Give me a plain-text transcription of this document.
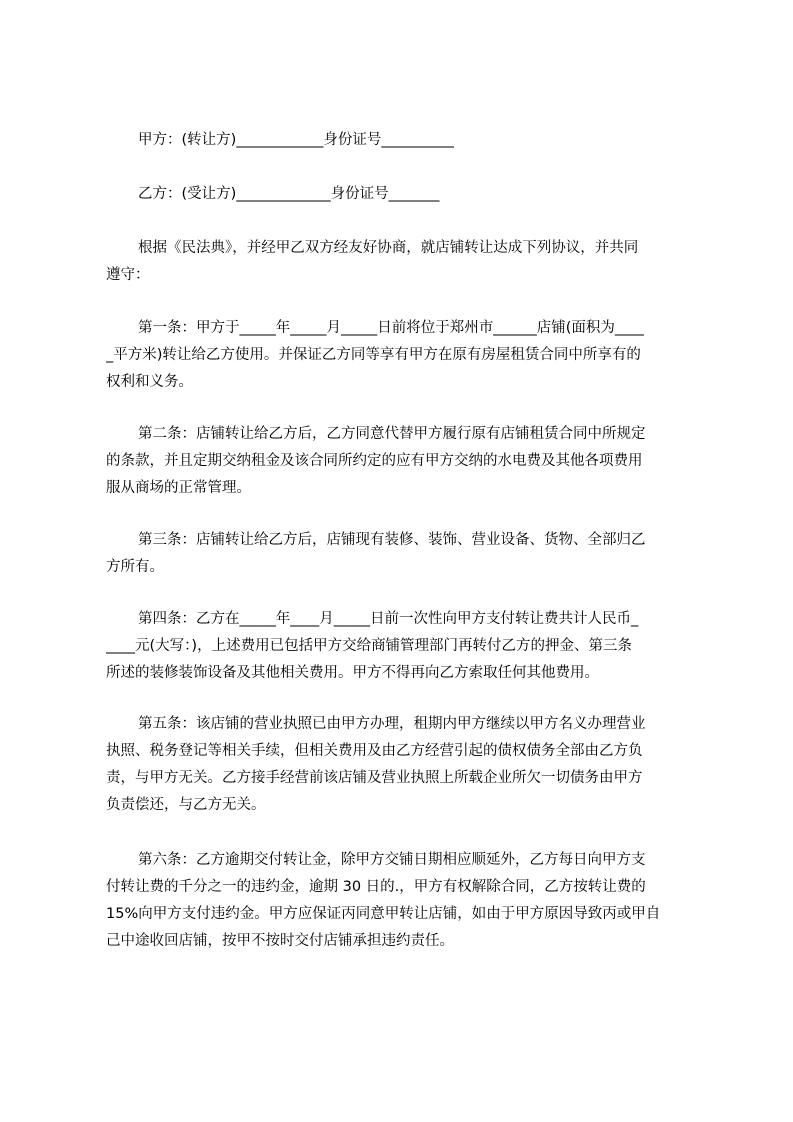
甲方：(转让方)____________身份证号__________
乙方：(受让方)_____________身份证号_______
根据《民法典》，并经甲乙双方经友好协商，就店铺转让达成下列协议，并共同
遵守：
第一条：甲方于_____年_____月_____日前将位于郑州市______店铺(面积为____
_平方米)转让给乙方使用。并保证乙方同等享有甲方在原有房屋租赁合同中所享有的
权利和义务。
第二条：店铺转让给乙方后，乙方同意代替甲方履行原有店铺租赁合同中所规定
的条款，并且定期交纳租金及该合同所约定的应有甲方交纳的水电费及其他各项费用
服从商场的正常管理。
第三条：店铺转让给乙方后，店铺现有装修、装饰、营业设备、货物、全部归乙
方所有。
第四条：乙方在_____年____月_____日前一次性向甲方支付转让费共计人民币_
____元(大写：)，上述费用已包括甲方交给商铺管理部门再转付乙方的押金、第三条
所述的装修装饰设备及其他相关费用。甲方不得再向乙方索取任何其他费用。
第五条：该店铺的营业执照已由甲方办理，租期内甲方继续以甲方名义办理营业
执照、税务登记等相关手续，但相关费用及由乙方经营引起的债权债务全部由乙方负
责，与甲方无关。乙方接手经营前该店铺及营业执照上所载企业所欠一切债务由甲方
负责偿还，与乙方无关。
第六条：乙方逾期交付转让金，除甲方交铺日期相应顺延外，乙方每日向甲方支
付转让费的千分之一的违约金，逾期 30 日的.，甲方有权解除合同，乙方按转让费的
15%向甲方支付违约金。甲方应保证丙同意甲转让店铺，如由于甲方原因导致丙或甲自
己中途收回店铺，按甲不按时交付店铺承担违约责任。
